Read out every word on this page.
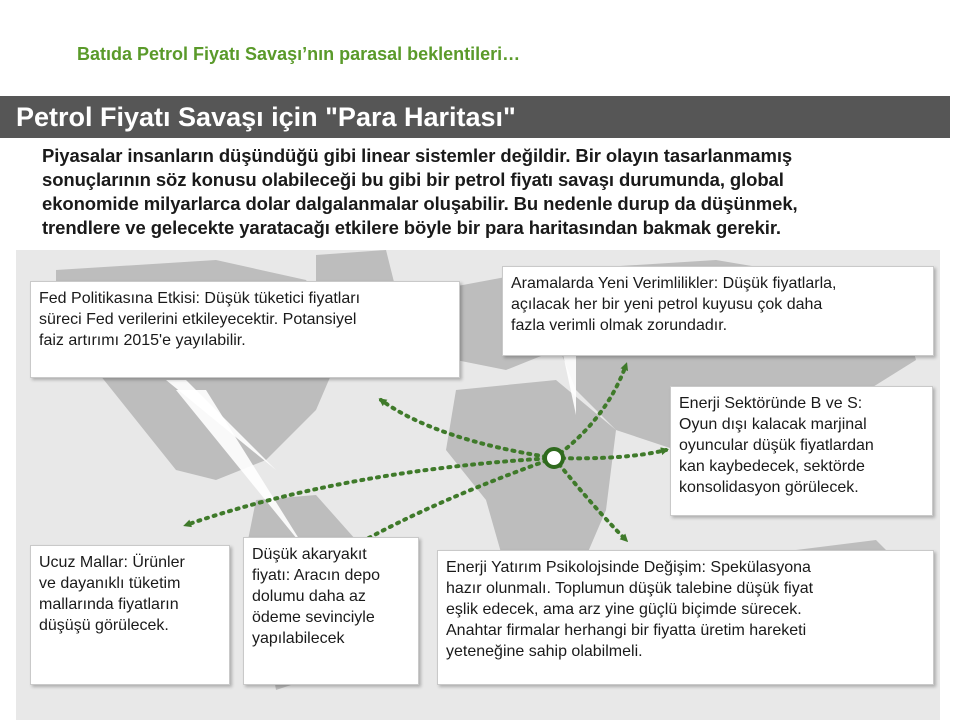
Batıda Petrol Fiyatı Savaşı’nın parasal beklentileri…
Petrol Fiyatı Savaşı için "Para Haritası"
Piyasalar insanların düşündüğü gibi linear sistemler değildir. Bir olayın tasarlanmamış
sonuçlarının söz konusu olabileceği bu gibi bir petrol fiyatı savaşı durumunda, global
ekonomide milyarlarca dolar dalgalanmalar oluşabilir. Bu nedenle durup da düşünmek,
trendlere ve gelecekte yaratacağı etkilere böyle bir para haritasından bakmak gerekir.
Fed Politikasına Etkisi: Düşük tüketici fiyatları
süreci Fed verilerini etkileyecektir. Potansiyel
faiz artırımı 2015'e yayılabilir.
Aramalarda Yeni Verimlilikler: Düşük fiyatlarla,
açılacak her bir yeni petrol kuyusu çok daha
fazla verimli olmak zorundadır.
Enerji Sektöründe B ve S:
Oyun dışı kalacak marjinal
oyuncular düşük fiyatlardan
kan kaybedecek, sektörde
konsolidasyon görülecek.
Ucuz Mallar: Ürünler
ve dayanıklı tüketim
mallarında fiyatların
düşüşü görülecek.
Düşük akaryakıt
fiyatı: Aracın depo
dolumu daha az
ödeme sevinciyle
yapılabilecek
Enerji Yatırım Psikolojsinde Değişim: Spekülasyona
hazır olunmalı. Toplumun düşük talebine düşük fiyat
eşlik edecek, ama arz yine güçlü biçimde sürecek.
Anahtar firmalar herhangi bir fiyatta üretim hareketi
yeteneğine sahip olabilmeli.
